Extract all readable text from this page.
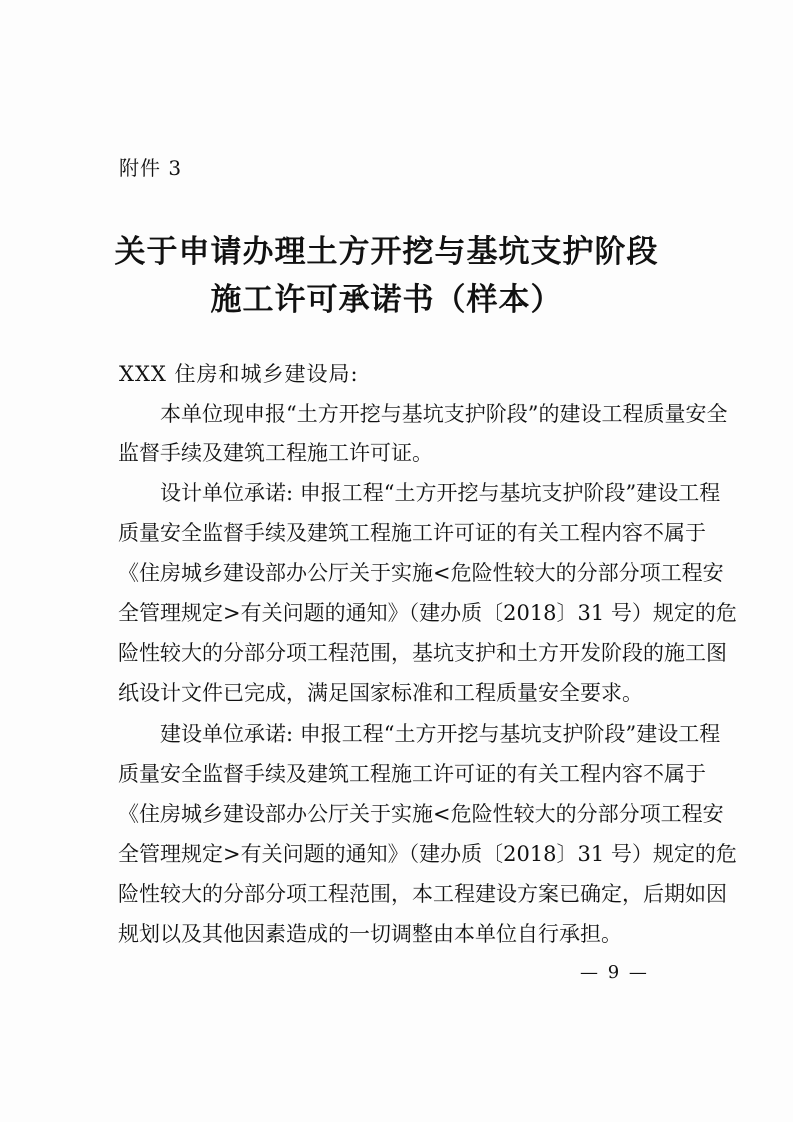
附件 3
关于申请办理土方开挖与基坑支护阶段
施工许可承诺书（样本）
XXX 住房和城乡建设局:
本单位现申报“土方开挖与基坑支护阶段”的建设工程质量安全
监督手续及建筑工程施工许可证。
设计单位承诺: 申报工程“土方开挖与基坑支护阶段”建设工程
质量安全监督手续及建筑工程施工许可证的有关工程内容不属于
《住房城乡建设部办公厅关于实施<危险性较大的分部分项工程安
全管理规定>有关问题的通知》（建办质〔2018〕31 号）规定的危
险性较大的分部分项工程范围，基坑支护和土方开发阶段的施工图
纸设计文件已完成，满足国家标准和工程质量安全要求。
建设单位承诺: 申报工程“土方开挖与基坑支护阶段”建设工程
质量安全监督手续及建筑工程施工许可证的有关工程内容不属于
《住房城乡建设部办公厅关于实施<危险性较大的分部分项工程安
全管理规定>有关问题的通知》（建办质〔2018〕31 号）规定的危
险性较大的分部分项工程范围，本工程建设方案已确定，后期如因
规划以及其他因素造成的一切调整由本单位自行承担。
— 9 —
